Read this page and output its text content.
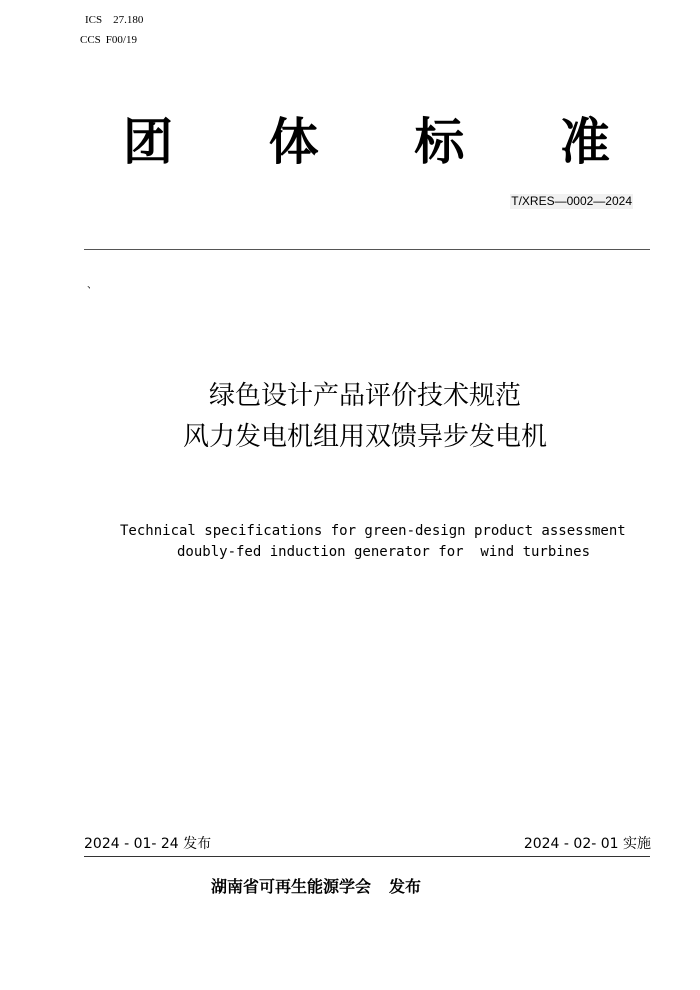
ICS 27.180
CCS F00/19
团 体 标 准
T/XRES—0002—2024
、
绿色设计产品评价技术规范
风力发电机组用双馈异步发电机
Technical specifications for green-design product assessment
doubly-fed induction generator for  wind turbines
2024 - 01- 24 发布	2024 - 02- 01 实施
湖南省可再生能源学会 发布
